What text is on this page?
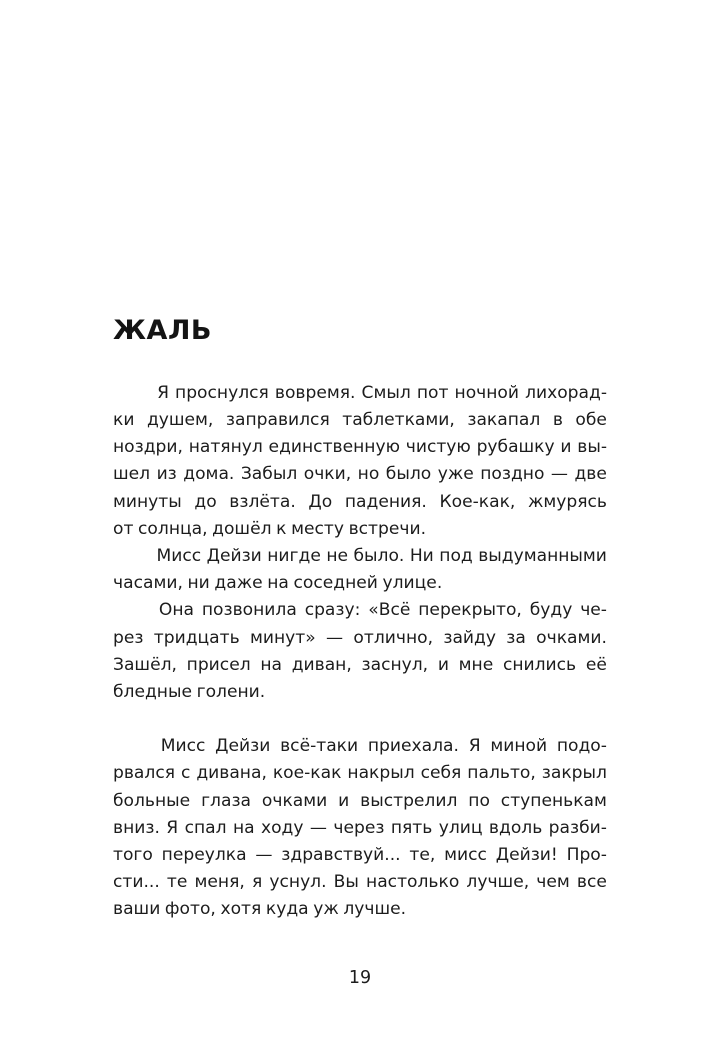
ЖАЛЬ

Я проснулся вовремя. Смыл пот ночной лихорад-
ки душем, заправился таблетками, закапал в обе
ноздри, натянул единственную чистую рубашку и вы-
шел из дома. Забыл очки, но было уже поздно — две
минуты до взлёта. До падения. Кое-как, жмурясь
от солнца, дошёл к месту встречи.

Мисс Дейзи нигде не было. Ни под выдуманными
часами, ни даже на соседней улице.

Она позвонила сразу: «Всё перекрыто, буду че-
рез тридцать минут» — отлично, зайду за очками.
Зашёл, присел на диван, заснул, и мне снились её
бледные голени.

Мисс Дейзи всё-таки приехала. Я миной подо-
рвался с дивана, кое-как накрыл себя пальто, закрыл
больные глаза очками и выстрелил по ступенькам
вниз. Я спал на ходу — через пять улиц вдоль разби-
того переулка — здравствуй... те, мисс Дейзи! Про-
сти... те меня, я уснул. Вы настолько лучше, чем все
ваши фото, хотя куда уж лучше.

19
